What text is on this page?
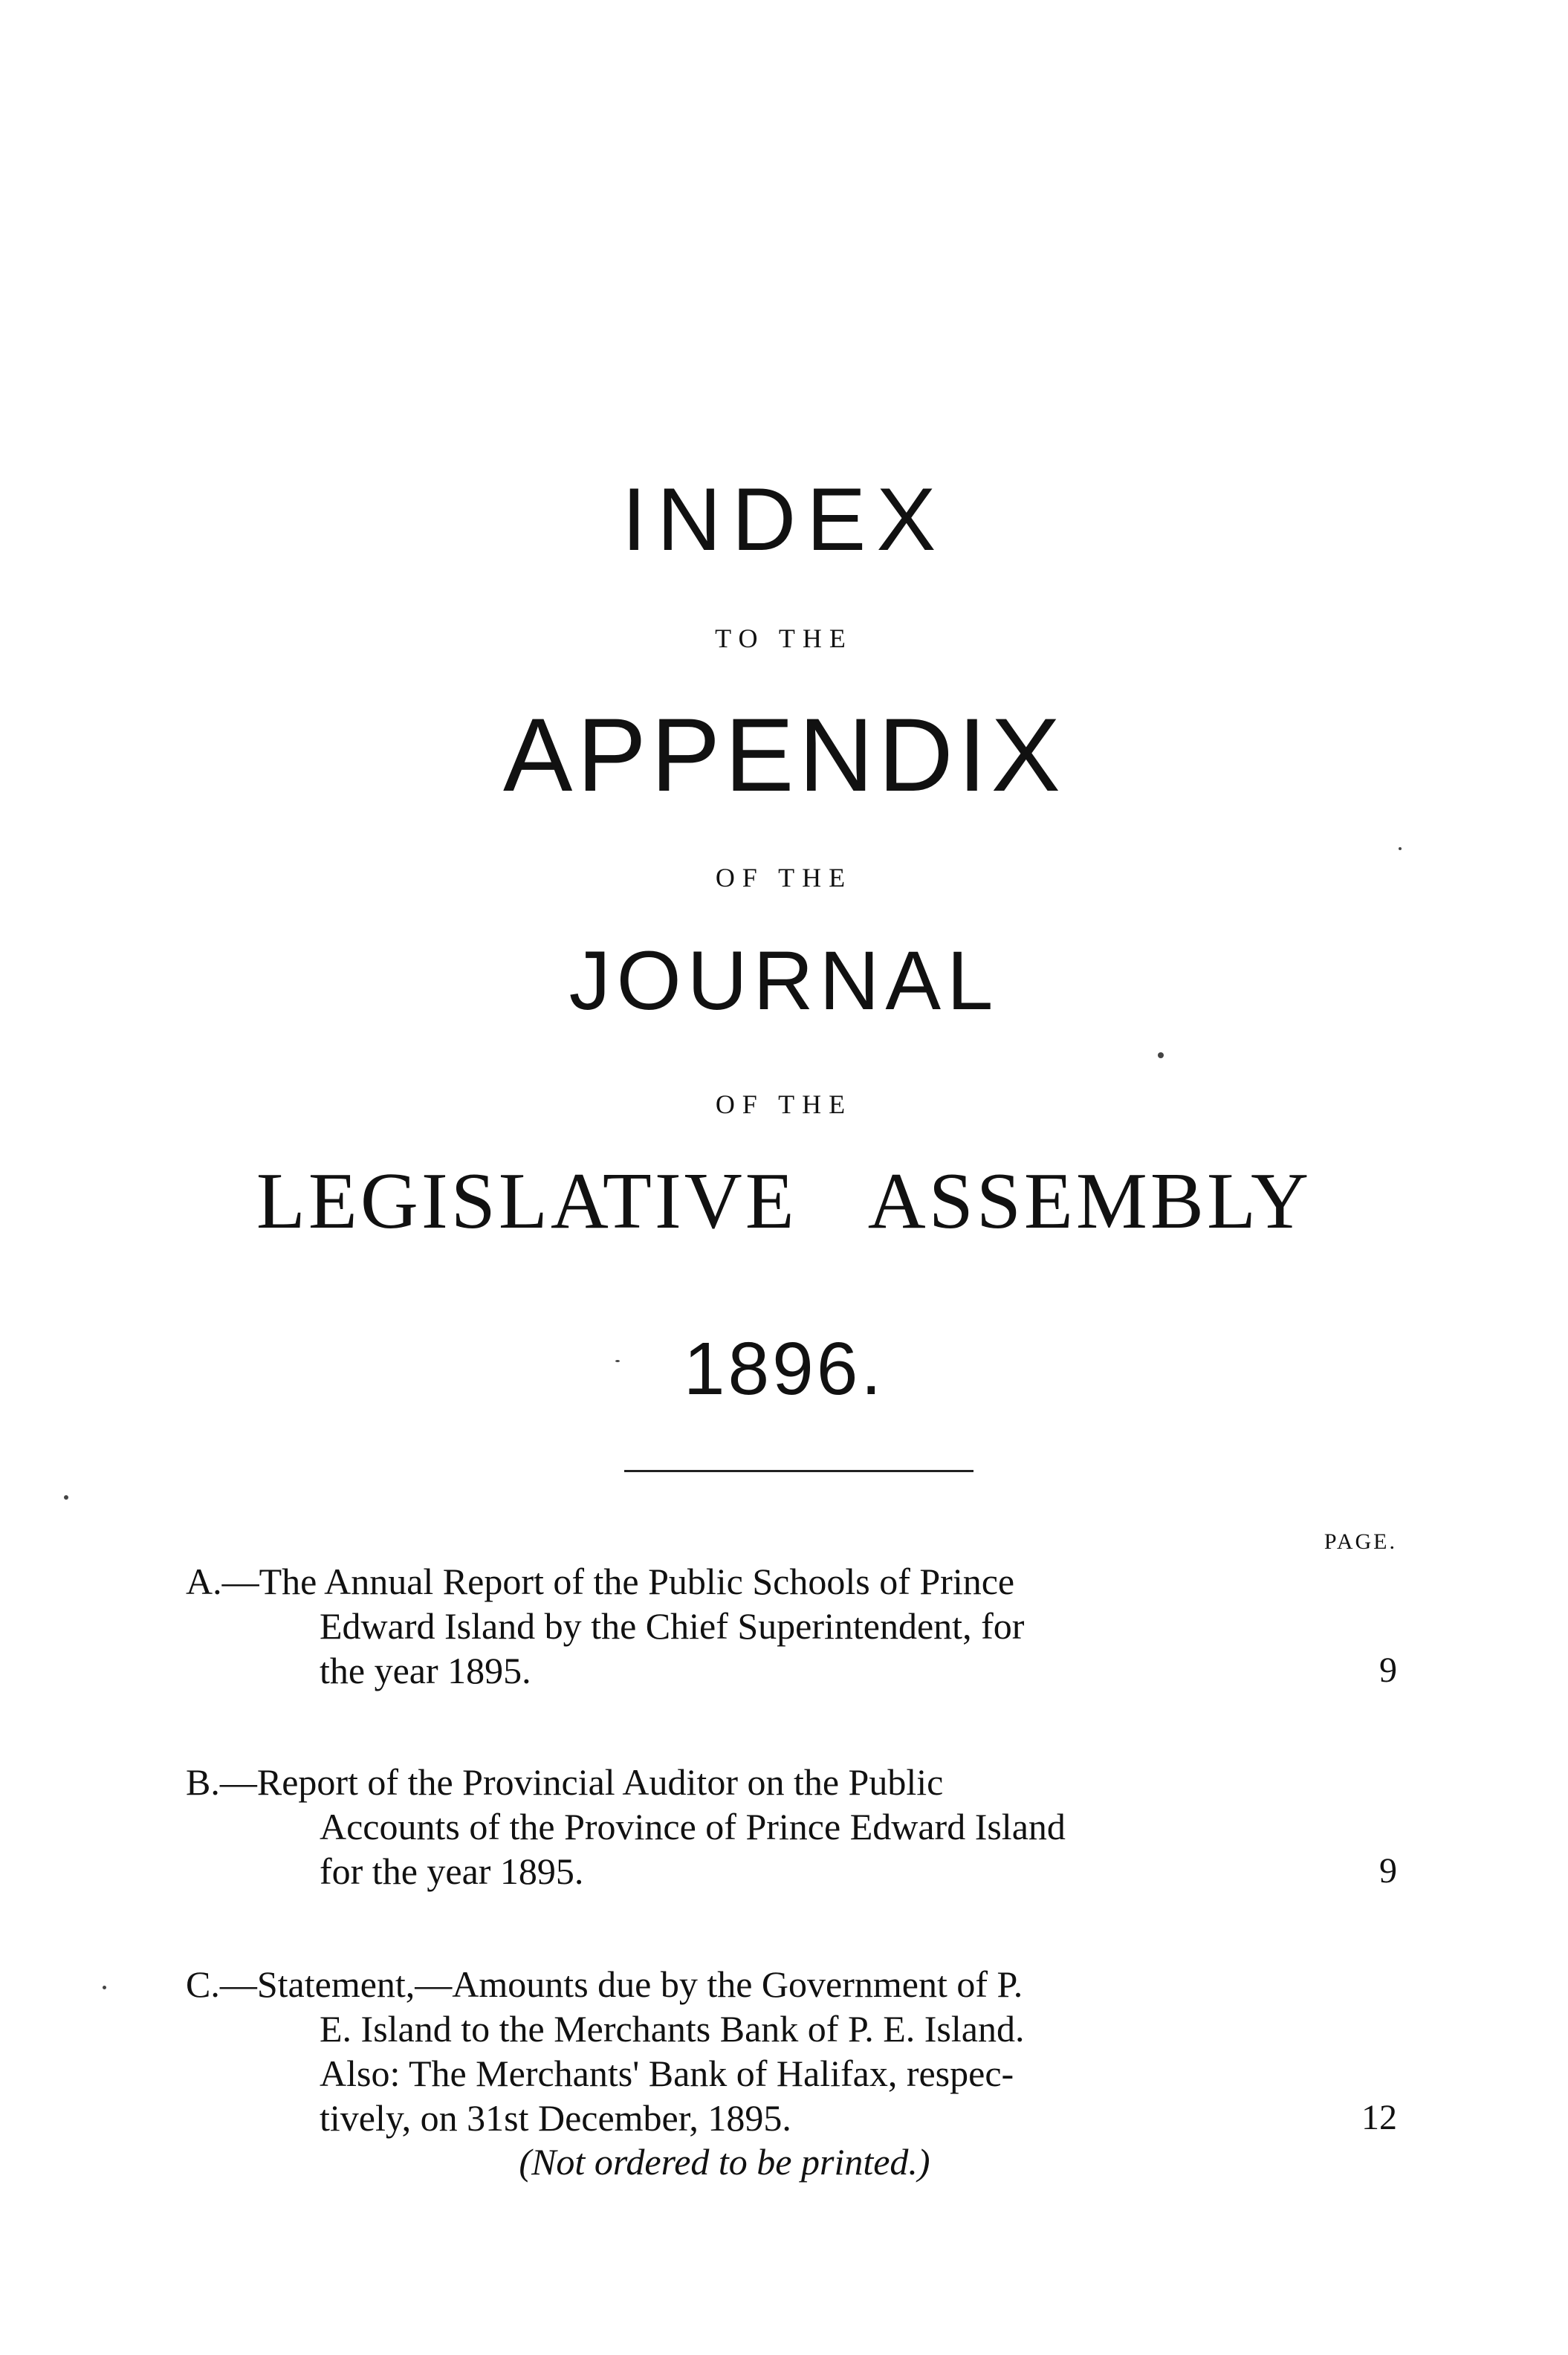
INDEX
TO THE
APPENDIX
OF THE
JOURNAL
OF THE
LEGISLATIVE ASSEMBLY
1896.
PAGE.
A.—The Annual Report of the Public Schools of Prince
Edward Island by the Chief Superintendent, for
the year 1895.	9
B.—Report of the Provincial Auditor on the Public
Accounts of the Province of Prince Edward Island
for the year 1895.	9
C.—Statement,—Amounts due by the Government of P.
E. Island to the Merchants Bank of P. E. Island.
Also: The Merchants' Bank of Halifax, respec-
tively, on 31st December, 1895.	12
(Not ordered to be printed.)
